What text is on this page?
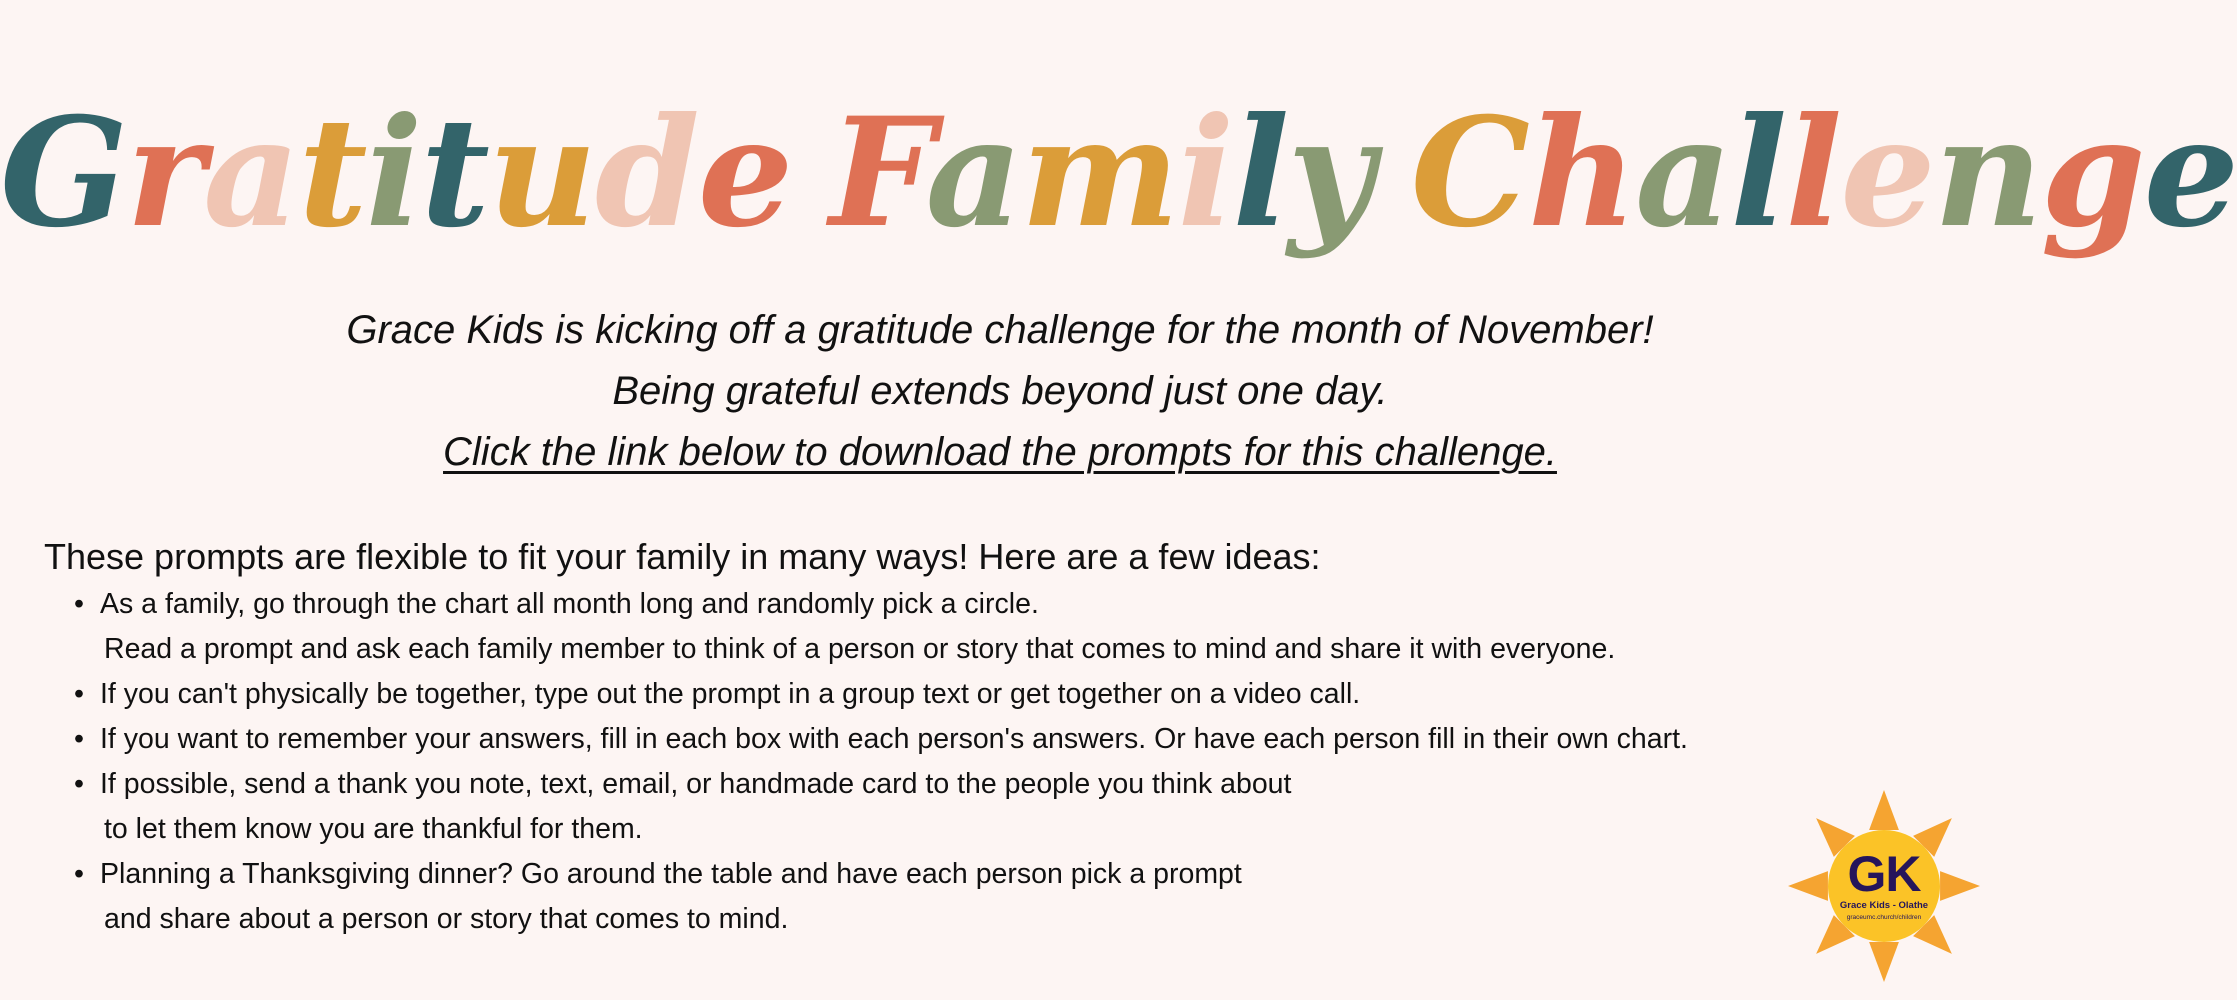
Gratitude Family Challenge
Grace Kids is kicking off a gratitude challenge for the month of November!
Being grateful extends beyond just one day.
Click the link below to download the prompts for this challenge.
These prompts are flexible to fit your family in many ways! Here are a few ideas:
• As a family, go through the chart all month long and randomly pick a circle.
Read a prompt and ask each family member to think of a person or story that comes to mind and share it with everyone.
• If you can't physically be together, type out the prompt in a group text or get together on a video call.
• If you want to remember your answers, fill in each box with each person's answers. Or have each person fill in their own chart.
• If possible, send a thank you note, text, email, or handmade card to the people you think about
to let them know you are thankful for them.
• Planning a Thanksgiving dinner? Go around the table and have each person pick a prompt
and share about a person or story that comes to mind.
GK
Grace Kids - Olathe
graceumc.church/children
